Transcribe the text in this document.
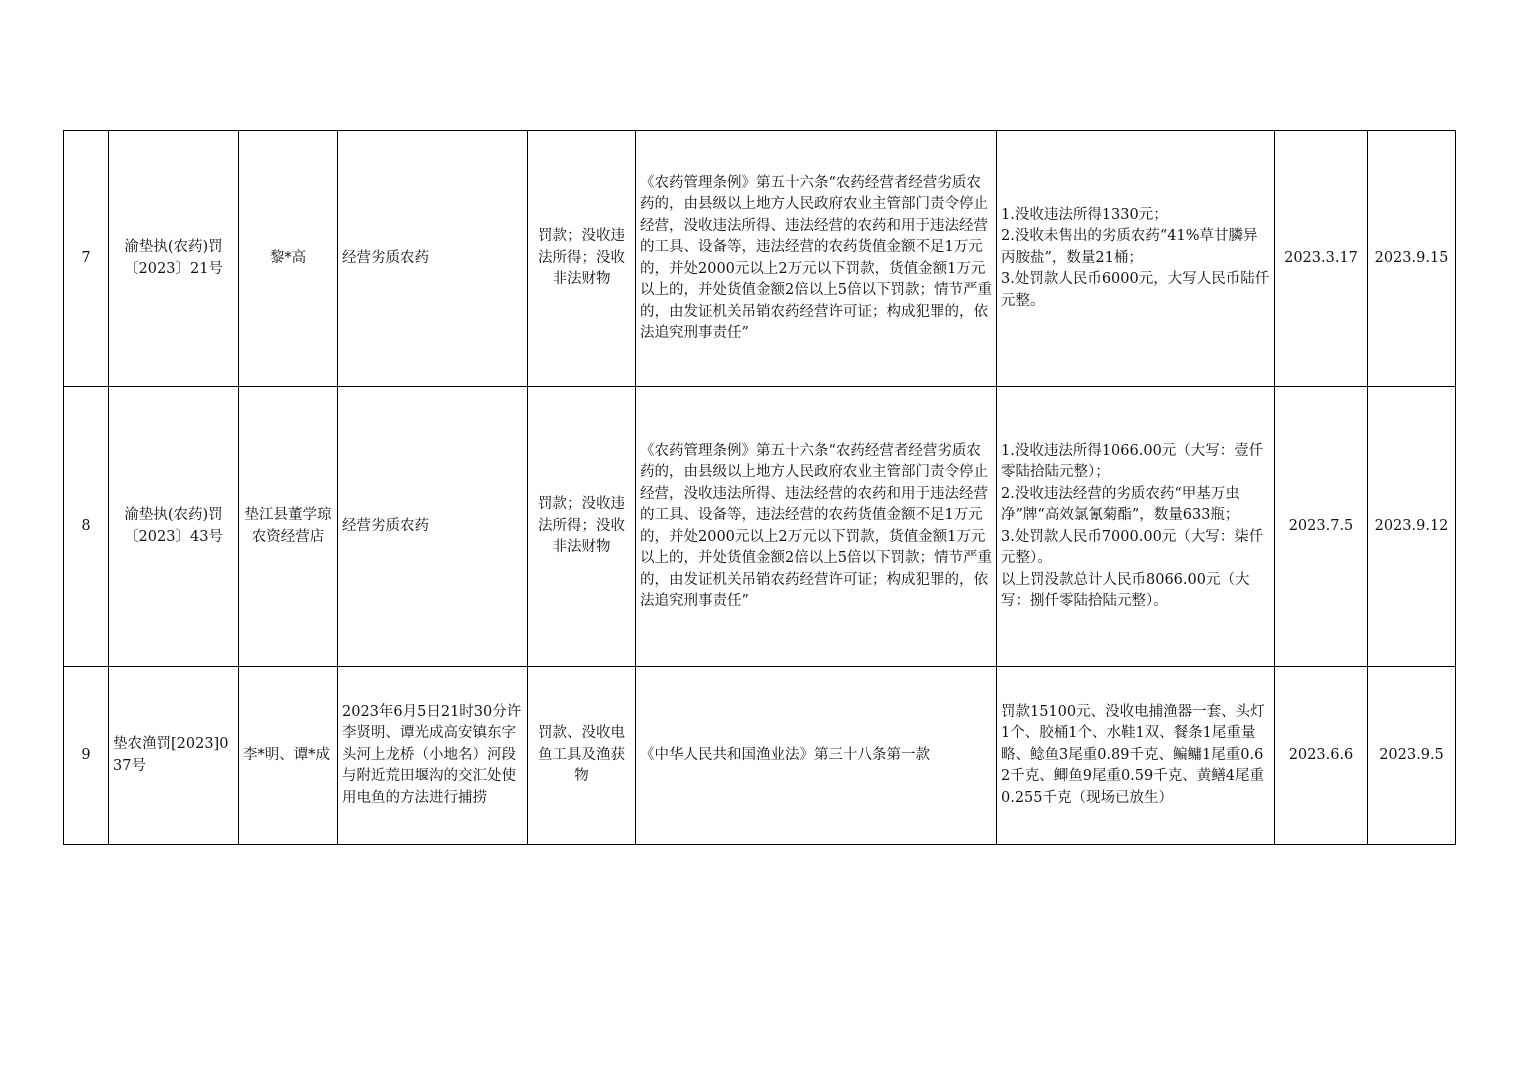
7	渝垫执(农药)罚〔2023〕21号	黎*高	经营劣质农药	罚款；没收违法所得；没收非法财物	《农药管理条例》第五十六条“农药经营者经营劣质农药的，由县级以上地方人民政府农业主管部门责令停止经营，没收违法所得、违法经营的农药和用于违法经营的工具、设备等，违法经营的农药货值金额不足1万元的，并处2000元以上2万元以下罚款，货值金额1万元以上的，并处货值金额2倍以上5倍以下罚款；情节严重的，由发证机关吊销农药经营许可证；构成犯罪的，依法追究刑事责任”	1.没收违法所得1330元；
2.没收未售出的劣质农药“41%草甘膦异丙胺盐”，数量21桶；
3.处罚款人民币6000元，大写人民币陆仟元整。	2023.3.17	2023.9.15
8	渝垫执(农药)罚〔2023〕43号	垫江县董学琼农资经营店	经营劣质农药	罚款；没收违法所得；没收非法财物	《农药管理条例》第五十六条“农药经营者经营劣质农药的，由县级以上地方人民政府农业主管部门责令停止经营，没收违法所得、违法经营的农药和用于违法经营的工具、设备等，违法经营的农药货值金额不足1万元的，并处2000元以上2万元以下罚款，货值金额1万元以上的，并处货值金额2倍以上5倍以下罚款；情节严重的，由发证机关吊销农药经营许可证；构成犯罪的，依法追究刑事责任”	1.没收违法所得1066.00元（大写：壹仟零陆拾陆元整）；
2.没收违法经营的劣质农药“甲基万虫净”牌“高效氯氰菊酯”，数量633瓶；
3.处罚款人民币7000.00元（大写：柒仟元整）。
以上罚没款总计人民币8066.00元（大写：捌仟零陆拾陆元整）。	2023.7.5	2023.9.12
9	垫农渔罚[2023]037号	李*明、谭*成	2023年6月5日21时30分许李贤明、谭光成高安镇东字头河上龙桥（小地名）河段与附近荒田堰沟的交汇处使用电鱼的方法进行捕捞	罚款、没收电鱼工具及渔获物	《中华人民共和国渔业法》第三十八条第一款	罚款15100元、没收电捕渔器一套、头灯1个、胶桶1个、水鞋1双、餐条1尾重量略、鲶鱼3尾重0.89千克、鳊鳙1尾重0.62千克、鲫鱼9尾重0.59千克、黄鳝4尾重0.255千克（现场已放生）	2023.6.6	2023.9.5
